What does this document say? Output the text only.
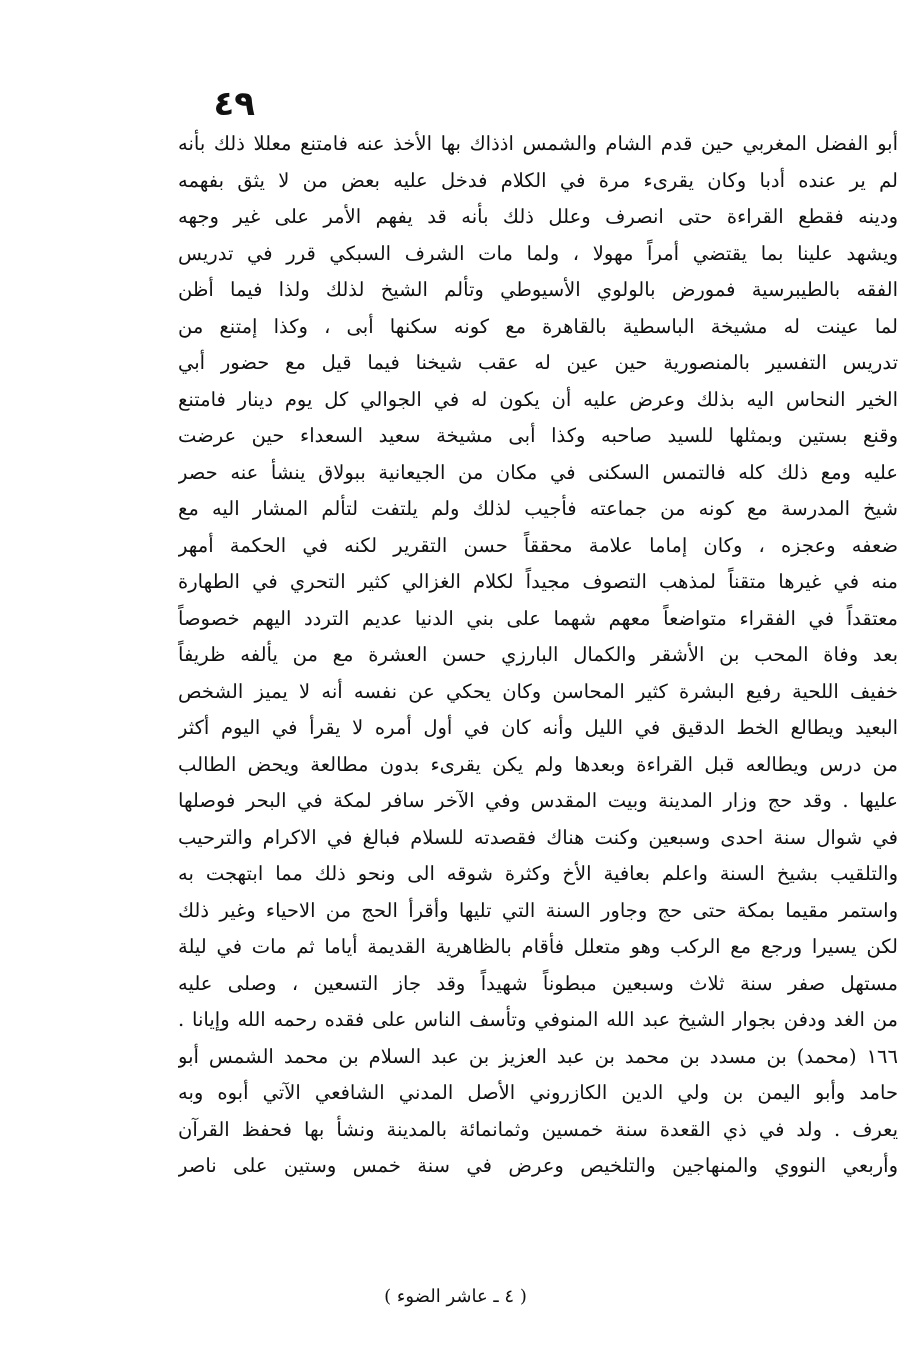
٤٩
أبو الفضل المغربي حين قدم الشام والشمس اذذاك بها الأخذ عنه فامتنع معللا ذلك بأنه
لم ير عنده أدبا وكان يقرىء مرة في الكلام فدخل عليه بعض من لا يثق بفهمه
ودينه فقطع القراءة حتى انصرف وعلل ذلك بأنه قد يفهم الأمر على غير وجهه
ويشهد علينا بما يقتضي أمراً مهولا ، ولما مات الشرف السبكي قرر في تدريس
الفقه بالطيبرسية فمورض بالولوي الأسيوطي وتألم الشيخ لذلك ولذا فيما أظن
لما عينت له مشيخة الباسطية بالقاهرة مع كونه سكنها أبى ، وكذا إمتنع من
تدريس التفسير بالمنصورية حين عين له عقب شيخنا فيما قيل مع حضور أبي
الخير النحاس اليه بذلك وعرض عليه أن يكون له في الجوالي كل يوم دينار فامتنع
وقنع بستين وبمثلها للسيد صاحبه وكذا أبى مشيخة سعيد السعداء حين عرضت
عليه ومع ذلك كله فالتمس السكنى في مكان من الجيعانية ببولاق ينشأ عنه حصر
شيخ المدرسة مع كونه من جماعته فأجيب لذلك ولم يلتفت لتألم المشار اليه مع
ضعفه وعجزه ، وكان إماما علامة محققاً حسن التقرير لكنه في الحكمة أمهر
منه في غيرها متقناً لمذهب التصوف مجيداً لكلام الغزالي كثير التحري في الطهارة
معتقداً في الفقراء متواضعاً معهم شهما على بني الدنيا عديم التردد اليهم خصوصاً
بعد وفاة المحب بن الأشقر والكمال البارزي حسن العشرة مع من يألفه ظريفاً
خفيف اللحية رفيع البشرة كثير المحاسن وكان يحكي عن نفسه أنه لا يميز الشخص
البعيد ويطالع الخط الدقيق في الليل وأنه كان في أول أمره لا يقرأ في اليوم أكثر
من درس ويطالعه قبل القراءة وبعدها ولم يكن يقرىء بدون مطالعة ويحض الطالب
عليها . وقد حج وزار المدينة وبيت المقدس وفي الآخر سافر لمكة في البحر فوصلها
في شوال سنة احدى وسبعين وكنت هناك فقصدته للسلام فبالغ في الاكرام والترحيب
والتلقيب بشيخ السنة واعلم بعافية الأخ وكثرة شوقه الى ونحو ذلك مما ابتهجت به
واستمر مقيما بمكة حتى حج وجاور السنة التي تليها وأقرأ الحج من الاحياء وغير ذلك
لكن يسيرا ورجع مع الركب وهو متعلل فأقام بالظاهرية القديمة أياما ثم مات في ليلة
مستهل صفر سنة ثلاث وسبعين مبطوناً شهيداً وقد جاز التسعين ، وصلى عليه
من الغد ودفن بجوار الشيخ عبد الله المنوفي وتأسف الناس على فقده رحمه الله وإيانا .
١٦٦ (محمد) بن مسدد بن محمد بن عبد العزيز بن عبد السلام بن محمد الشمس أبو
حامد وأبو اليمن بن ولي الدين الكازروني الأصل المدني الشافعي الآتي أبوه وبه
يعرف . ولد في ذي القعدة سنة خمسين وثمانمائة بالمدينة ونشأ بها فحفظ القرآن
وأربعي النووي والمنهاجين والتلخيص وعرض في سنة خمس وستين على ناصر
( ٤ ـ عاشر الضوء )
